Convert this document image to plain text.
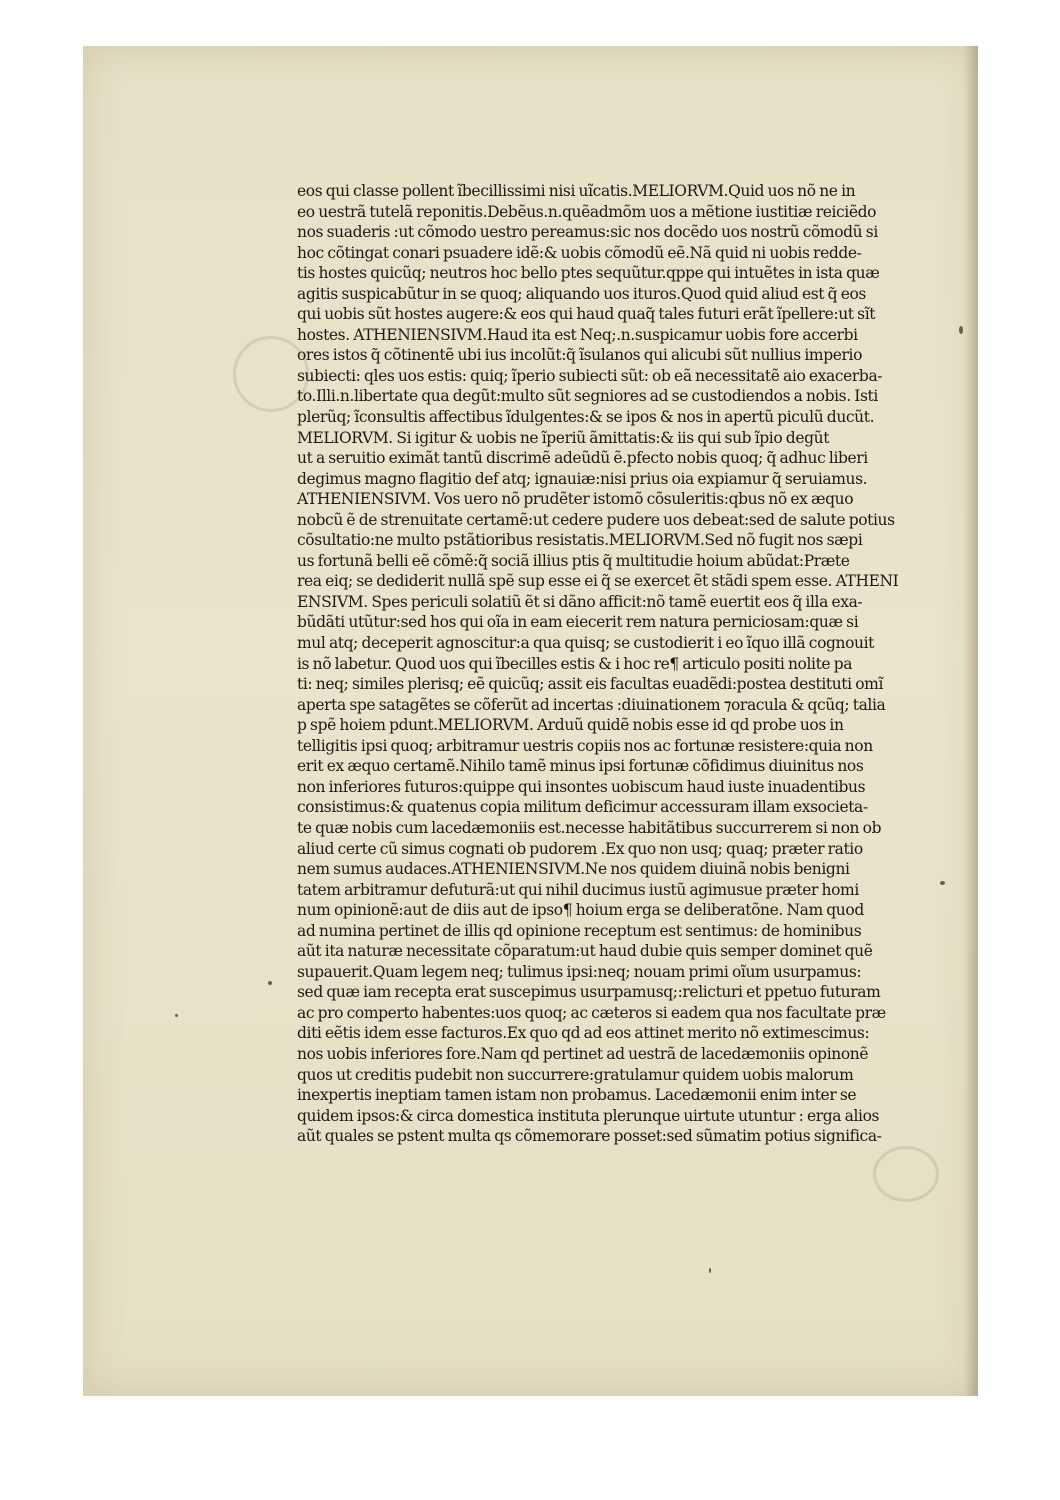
eos qui classe pollent ĩbecillissimi nisi uĩcatis.MELIORVM.Quid uos nõ ne in
eo uestrã tutelã reponitis.Debẽus.n.quẽadmõm uos a mẽtione iustitiæ reiciẽdo
nos suaderis :ut cõmodo uestro pereamus:sic nos docẽdo uos nostrũ cõmodũ si
hoc cõtingat conari psuadere idẽ:& uobis cõmodũ eẽ.Nã quid ni uobis redde-
tis hostes quicũq; neutros hoc bello ptes sequũtur.qppe qui intuẽtes in ista quæ
agitis suspicabũtur in se quoq; aliquando uos ituros.Quod quid aliud est q̃ eos
qui uobis sũt hostes augere:& eos qui haud quaq̃ tales futuri erãt ĩpellere:ut sĩt
hostes. ATHENIENSIVM.Haud ita est Neq;.n.suspicamur uobis fore accerbi
ores istos q̃ cõtinentẽ ubi ius incolũt:q̃ ĩsulanos qui alicubi sũt nullius imperio
subiecti: qles uos estis: quiq; ĩperio subiecti sũt: ob eã necessitatẽ aio exacerba-
to.Illi.n.libertate qua degũt:multo sũt segniores ad se custodiendos a nobis. Isti
plerũq; ĩconsultis affectibus ĩdulgentes:& se ipos & nos in apertũ piculũ ducũt.
MELIORVM. Si igitur & uobis ne ĩperiũ ãmittatis:& iis qui sub ĩpio degũt
ut a seruitio eximãt tantũ discrimẽ adeũdũ ẽ.pfecto nobis quoq; q̃ adhuc liberi
degimus magno flagitio def atq; ignauiæ:nisi prius oia expiamur q̃ seruiamus.
ATHENIENSIVM. Vos uero nõ prudẽter istomõ cõsuleritis:qbus nõ ex æquo
nobcũ ẽ de strenuitate certamẽ:ut cedere pudere uos debeat:sed de salute potius
cõsultatio:ne multo pstãtioribus resistatis.MELIORVM.Sed nõ fugit nos sæpi
us fortunã belli eẽ cõmẽ:q̃ sociã illius ptis q̃ multitudie hoium abũdat:Præte
rea eiq; se dediderit nullã spẽ sup esse ei q̃ se exercet ẽt stãdi spem esse. ATHENI
ENSIVM. Spes periculi solatiũ ẽt si dãno afficit:nõ tamẽ euertit eos q̃ illa exa-
bũdãti utũtur:sed hos qui oĩa in eam eiecerit rem natura perniciosam:quæ si
mul atq; deceperit agnoscitur:a qua quisq; se custodierit i eo ĩquo illã cognouit
is nõ labetur. Quod uos qui ĩbecilles estis & i hoc re¶ articulo positi nolite pa
ti: neq; similes plerisq; eẽ quicũq; assit eis facultas euadẽdi:postea destituti omĩ
aperta spe satagẽtes se cõferũt ad incertas :diuinationem ⁊oracula & qcũq; talia
p spẽ hoiem pdunt.MELIORVM. Arduũ quidẽ nobis esse id qd probe uos in
telligitis ipsi quoq; arbitramur uestris copiis nos ac fortunæ resistere:quia non
erit ex æquo certamẽ.Nihilo tamẽ minus ipsi fortunæ cõfidimus diuinitus nos
non inferiores futuros:quippe qui insontes uobiscum haud iuste inuadentibus
consistimus:& quatenus copia militum deficimur accessuram illam exsocieta-
te quæ nobis cum lacedæmoniis est.necesse habitãtibus succurrerem si non ob
aliud certe cũ simus cognati ob pudorem .Ex quo non usq; quaq; præter ratio
nem sumus audaces.ATHENIENSIVM.Ne nos quidem diuinã nobis benigni
tatem arbitramur defuturã:ut qui nihil ducimus iustũ agimusue præter homi
num opinionẽ:aut de diis aut de ipso¶ hoium erga se deliberatõne. Nam quod
ad numina pertinet de illis qd opinione receptum est sentimus: de hominibus
aũt ita naturæ necessitate cõparatum:ut haud dubie quis semper dominet quẽ
supauerit.Quam legem neq; tulimus ipsi:neq; nouam primi oĩum usurpamus:
sed quæ iam recepta erat suscepimus usurpamusq;:relicturi et ppetuo futuram
ac pro comperto habentes:uos quoq; ac cæteros si eadem qua nos facultate præ
diti eẽtis idem esse facturos.Ex quo qd ad eos attinet merito nõ extimescimus:
nos uobis inferiores fore.Nam qd pertinet ad uestrã de lacedæmoniis opinonẽ
quos ut creditis pudebit non succurrere:gratulamur quidem uobis malorum
inexpertis ineptiam tamen istam non probamus. Lacedæmonii enim inter se
quidem ipsos:& circa domestica instituta plerunque uirtute utuntur : erga alios
aũt quales se pstent multa qs cõmemorare posset:sed sũmatim potius significa-
